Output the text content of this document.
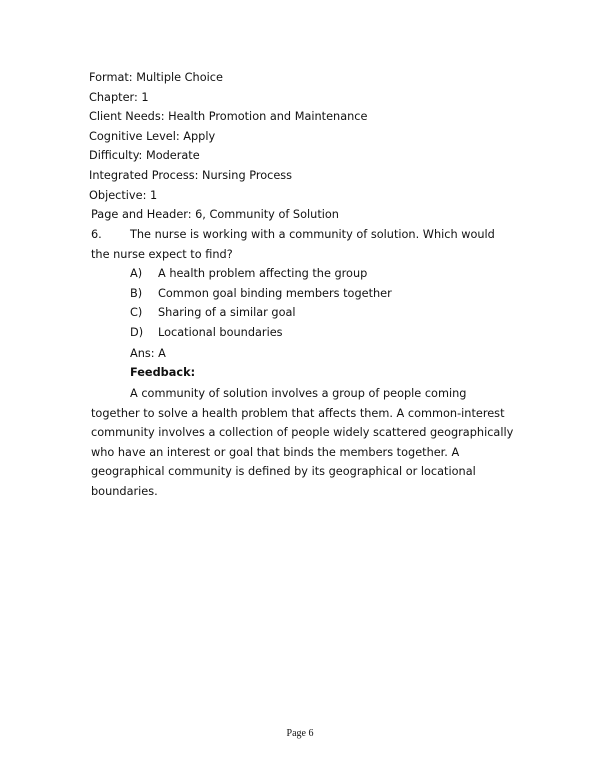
Format: Multiple Choice
Chapter: 1
Client Needs: Health Promotion and Maintenance
Cognitive Level: Apply
Difficulty: Moderate
Integrated Process: Nursing Process
Objective: 1
Page and Header: 6, Community of Solution
6.	The nurse is working with a community of solution. Which would the nurse expect to find?
A) A health problem affecting the group
B) Common goal binding members together
C) Sharing of a similar goal
D) Locational boundaries
Ans: A
Feedback:
A community of solution involves a group of people coming together to solve a health problem that affects them. A common-interest community involves a collection of people widely scattered geographically who have an interest or goal that binds the members together. A geographical community is defined by its geographical or locational boundaries.
Page 6
